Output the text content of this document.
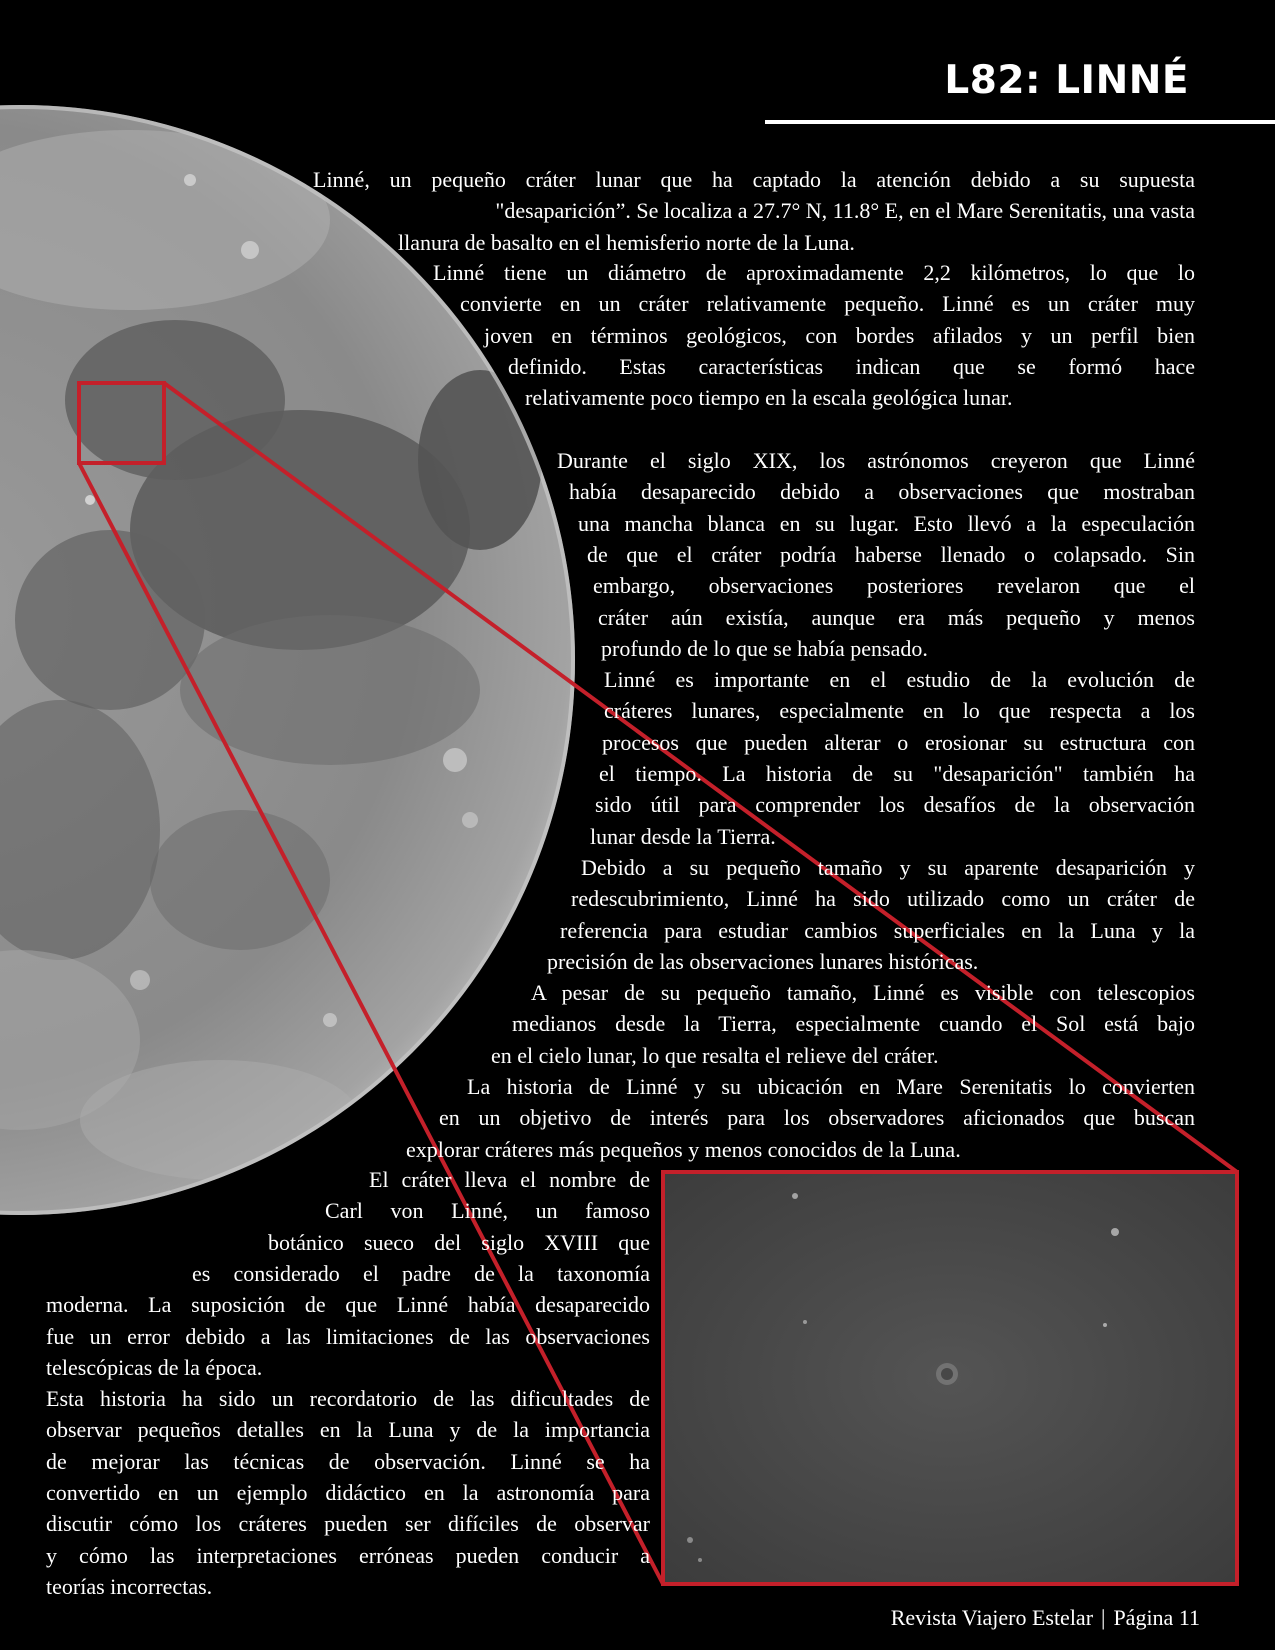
L82: LINNÉ
Linné, un pequeño cráter lunar que ha captado la atención debido a su supuesta
"desaparición”. Se localiza a 27.7° N, 11.8° E, en el Mare Serenitatis, una vasta
llanura de basalto en el hemisferio norte de la Luna.
Linné tiene un diámetro de aproximadamente 2,2 kilómetros, lo que lo
convierte en un cráter relativamente pequeño. Linné es un cráter muy
joven en términos geológicos, con bordes afilados y un perfil bien
definido. Estas características indican que se formó hace
relativamente poco tiempo en la escala geológica lunar.
Durante el siglo XIX, los astrónomos creyeron que Linné
había desaparecido debido a observaciones que mostraban
una mancha blanca en su lugar. Esto llevó a la especulación
de que el cráter podría haberse llenado o colapsado. Sin
embargo, observaciones posteriores revelaron que el
cráter aún existía, aunque era más pequeño y menos
profundo de lo que se había pensado.
Linné es importante en el estudio de la evolución de
cráteres lunares, especialmente en lo que respecta a los
procesos que pueden alterar o erosionar su estructura con
el tiempo. La historia de su "desaparición" también ha
sido útil para comprender los desafíos de la observación
lunar desde la Tierra.
Debido a su pequeño tamaño y su aparente desaparición y
redescubrimiento, Linné ha sido utilizado como un cráter de
referencia para estudiar cambios superficiales en la Luna y la
precisión de las observaciones lunares históricas.
A pesar de su pequeño tamaño, Linné es visible con telescopios
medianos desde la Tierra, especialmente cuando el Sol está bajo
en el cielo lunar, lo que resalta el relieve del cráter.
La historia de Linné y su ubicación en Mare Serenitatis lo convierten
en un objetivo de interés para los observadores aficionados que buscan
explorar cráteres más pequeños y menos conocidos de la Luna.
El cráter lleva el nombre de
Carl von Linné, un famoso
botánico sueco del siglo XVIII que
es considerado el padre de la taxonomía
moderna. La suposición de que Linné había desaparecido
fue un error debido a las limitaciones de las observaciones
telescópicas de la época.
Esta historia ha sido un recordatorio de las dificultades de
observar pequeños detalles en la Luna y de la importancia
de mejorar las técnicas de observación. Linné se ha
convertido en un ejemplo didáctico en la astronomía para
discutir cómo los cráteres pueden ser difíciles de observar
y cómo las interpretaciones erróneas pueden conducir a
teorías incorrectas.
Revista Viajero Estelar | Página 11
